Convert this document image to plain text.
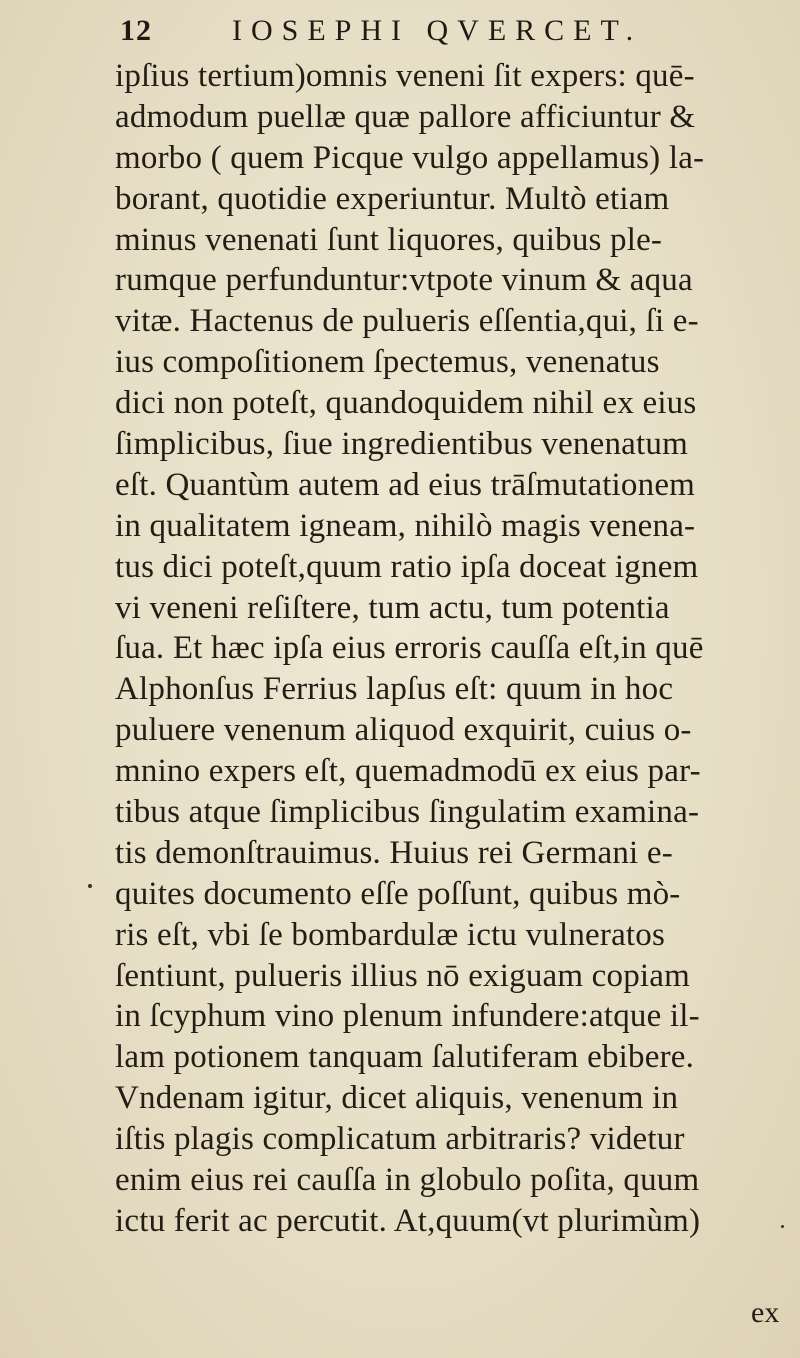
12	IOSEPHI QVERCET.
ipſius tertium)omnis veneni ſit expers: quē-
admodum puellæ quæ pallore afficiuntur &
morbo ( quem Picque vulgo appellamus) la-
borant, quotidie experiuntur. Multò etiam
minus venenati ſunt liquores, quibus ple-
rumque perfunduntur:vtpote vinum & aqua
vitæ. Hactenus de pulueris eſſentia,qui, ſi e-
ius compoſitionem ſpectemus, venenatus
dici non poteſt, quandoquidem nihil ex eius
ſimplicibus, ſiue ingredientibus venenatum
eſt. Quantùm autem ad eius trāſmutationem
in qualitatem igneam, nihilò magis venena-
tus dici poteſt,quum ratio ipſa doceat ignem
vi veneni reſiſtere, tum actu, tum potentia
ſua. Et hæc ipſa eius erroris cauſſa eſt,in quē
Alphonſus Ferrius lapſus eſt: quum in hoc
puluere venenum aliquod exquirit, cuius o-
mnino expers eſt, quemadmodū ex eius par-
tibus atque ſimplicibus ſingulatim examina-
tis demonſtrauimus. Huius rei Germani e-
quites documento eſſe poſſunt, quibus mò-
ris eſt, vbi ſe bombardulæ ictu vulneratos
ſentiunt, pulueris illius nō exiguam copiam
in ſcyphum vino plenum infundere:atque il-
lam potionem tanquam ſalutiferam ebibere.
Vndenam igitur, dicet aliquis, venenum in
iſtis plagis complicatum arbitraris? videtur
enim eius rei cauſſa in globulo poſita, quum
ictu ferit ac percutit. At,quum(vt plurimùm)
ex
